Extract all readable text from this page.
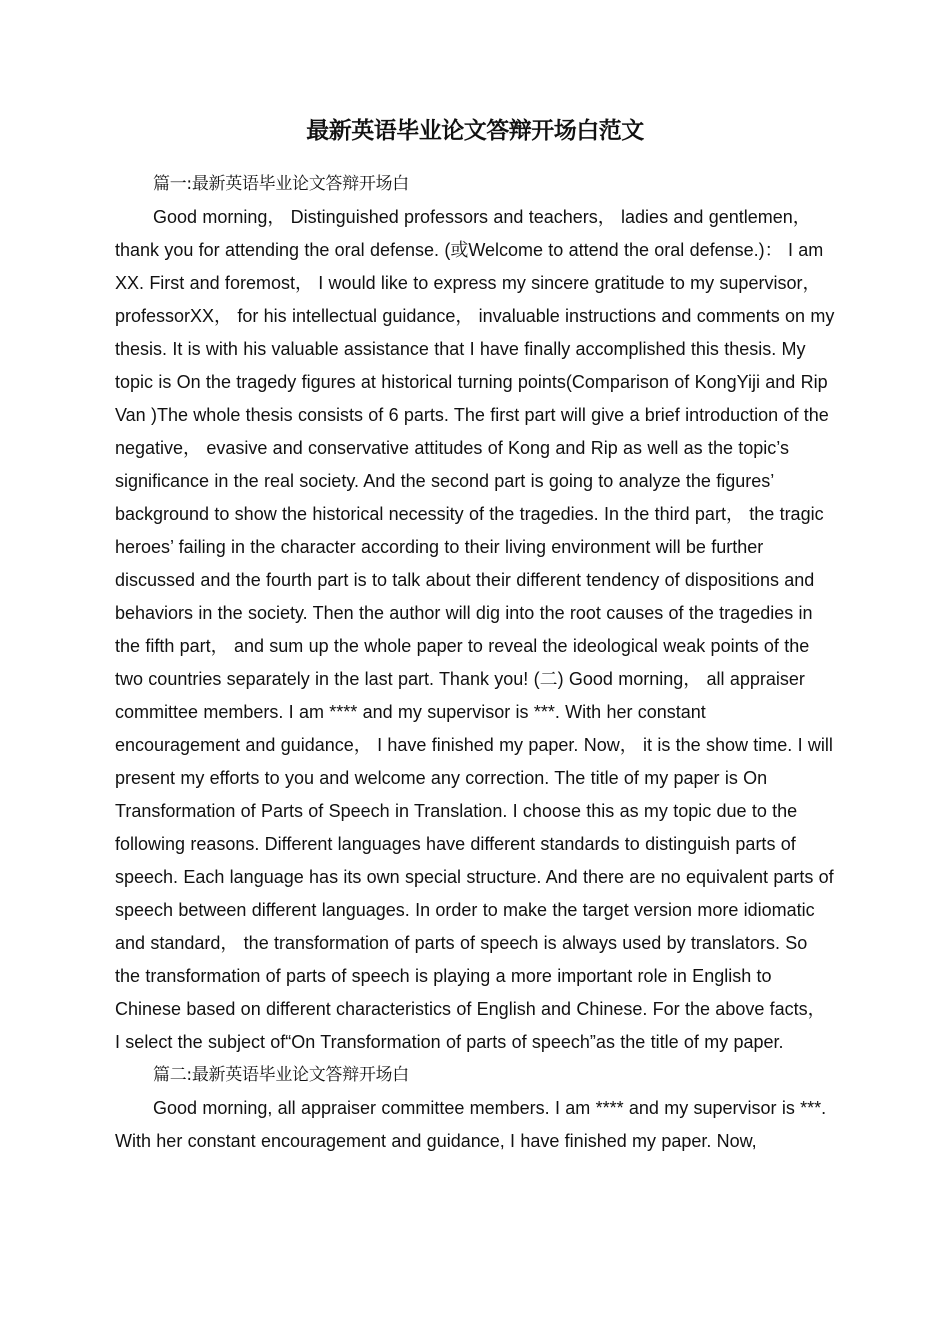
最新英语毕业论文答辩开场白范文

篇一:最新英语毕业论文答辩开场白

Good morning， Distinguished professors and teachers， ladies and gentlemen， thank you for attending the oral defense. (或Welcome to attend the oral defense.)： I am XX. First and foremost， I would like to express my sincere gratitude to my supervisor， professorXX， for his intellectual guidance， invaluable instructions and comments on my thesis. It is with his valuable assistance that I have finally accomplished this thesis. My topic is On the tragedy figures at historical turning points(Comparison of KongYiji and Rip Van )The whole thesis consists of 6 parts. The first part will give a brief introduction of the negative， evasive and conservative attitudes of Kong and Rip as well as the topic’s significance in the real society. And the second part is going to analyze the figures’ background to show the historical necessity of the tragedies. In the third part， the tragic heroes’ failing in the character according to their living environment will be further discussed and the fourth part is to talk about their different tendency of dispositions and behaviors in the society. Then the author will dig into the root causes of the tragedies in the fifth part， and sum up the whole paper to reveal the ideological weak points of the two countries separately in the last part. Thank you! (二) Good morning， all appraiser committee members. I am **** and my supervisor is ***. With her constant encouragement and guidance， I have finished my paper. Now， it is the show time. I will present my efforts to you and welcome any correction. The title of my paper is On Transformation of Parts of Speech in Translation. I choose this as my topic due to the following reasons. Different languages have different standards to distinguish parts of speech. Each language has its own special structure. And there are no equivalent parts of speech between different languages. In order to make the target version more idiomatic and standard， the transformation of parts of speech is always used by translators. So the transformation of parts of speech is playing a more important role in English to Chinese based on different characteristics of English and Chinese. For the above facts， I select the subject of“On Transformation of parts of speech”as the title of my paper.

篇二:最新英语毕业论文答辩开场白

Good morning, all appraiser committee members. I am **** and my supervisor is ***. With her constant encouragement and guidance, I have finished my paper. Now,
